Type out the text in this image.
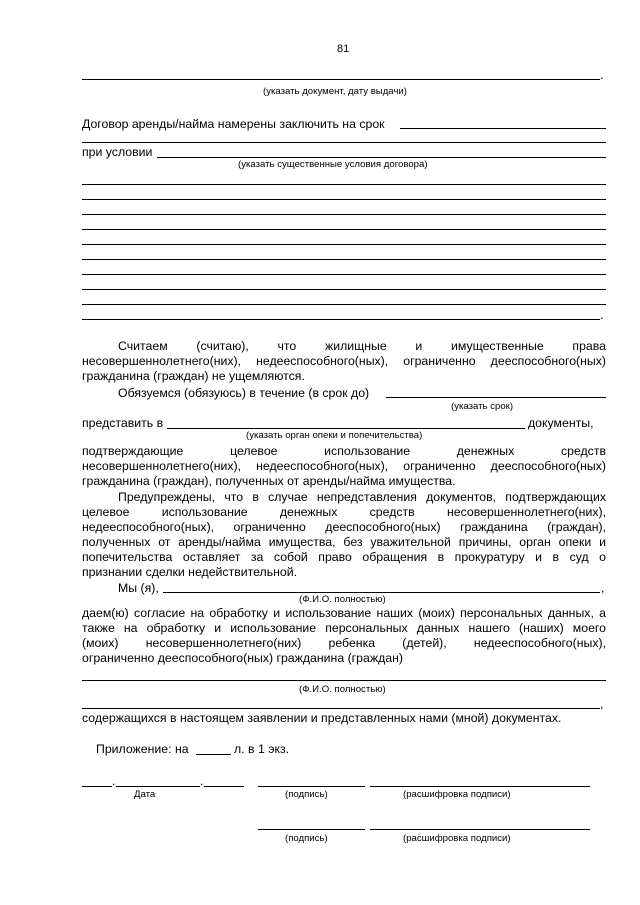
81
.
(указать документ, дату выдачи)
Договор аренды/найма намерены заключить на срок
при условии
(указать существенные условия договора)
.
Считаем (считаю), что жилищные и имущественные права
несовершеннолетнего(них), недееспособного(ных), ограниченно дееспособного(ных)
гражданина (граждан) не ущемляются.
Обязуемся (обязуюсь) в течение (в срок до)
(указать срок)
представить в	документы,
(указать орган опеки и попечительства)
подтверждающие целевое использование денежных средств
несовершеннолетнего(них), недееспособного(ных), ограниченно дееспособного(ных)
гражданина (граждан), полученных от аренды/найма имущества.
Предупреждены, что в случае непредставления документов, подтверждающих
целевое использование денежных средств несовершеннолетнего(них),
недееспособного(ных), ограниченно дееспособного(ных) гражданина (граждан),
полученных от аренды/найма имущества, без уважительной причины, орган опеки и
попечительства оставляет за собой право обращения в прокуратуру и в суд о
признании сделки недействительной.
Мы (я),	,
(Ф.И.О. полностью)
даем(ю) согласие на обработку и использование наших (моих) персональных данных, а
также на обработку и использование персональных данных нашего (наших) моего
(моих) несовершеннолетнего(них) ребенка (детей), недееспособного(ных),
ограниченно дееспособного(ных) гражданина (граждан)
(Ф.И.О. полностью)
,
содержащихся в настоящем заявлении и представленных нами (мной) документах.
Приложение: на	л. в 1 экз.
.	.
Дата	(подпись)	(расшифровка подписи)
(подпись)	(расшифровка подписи)
